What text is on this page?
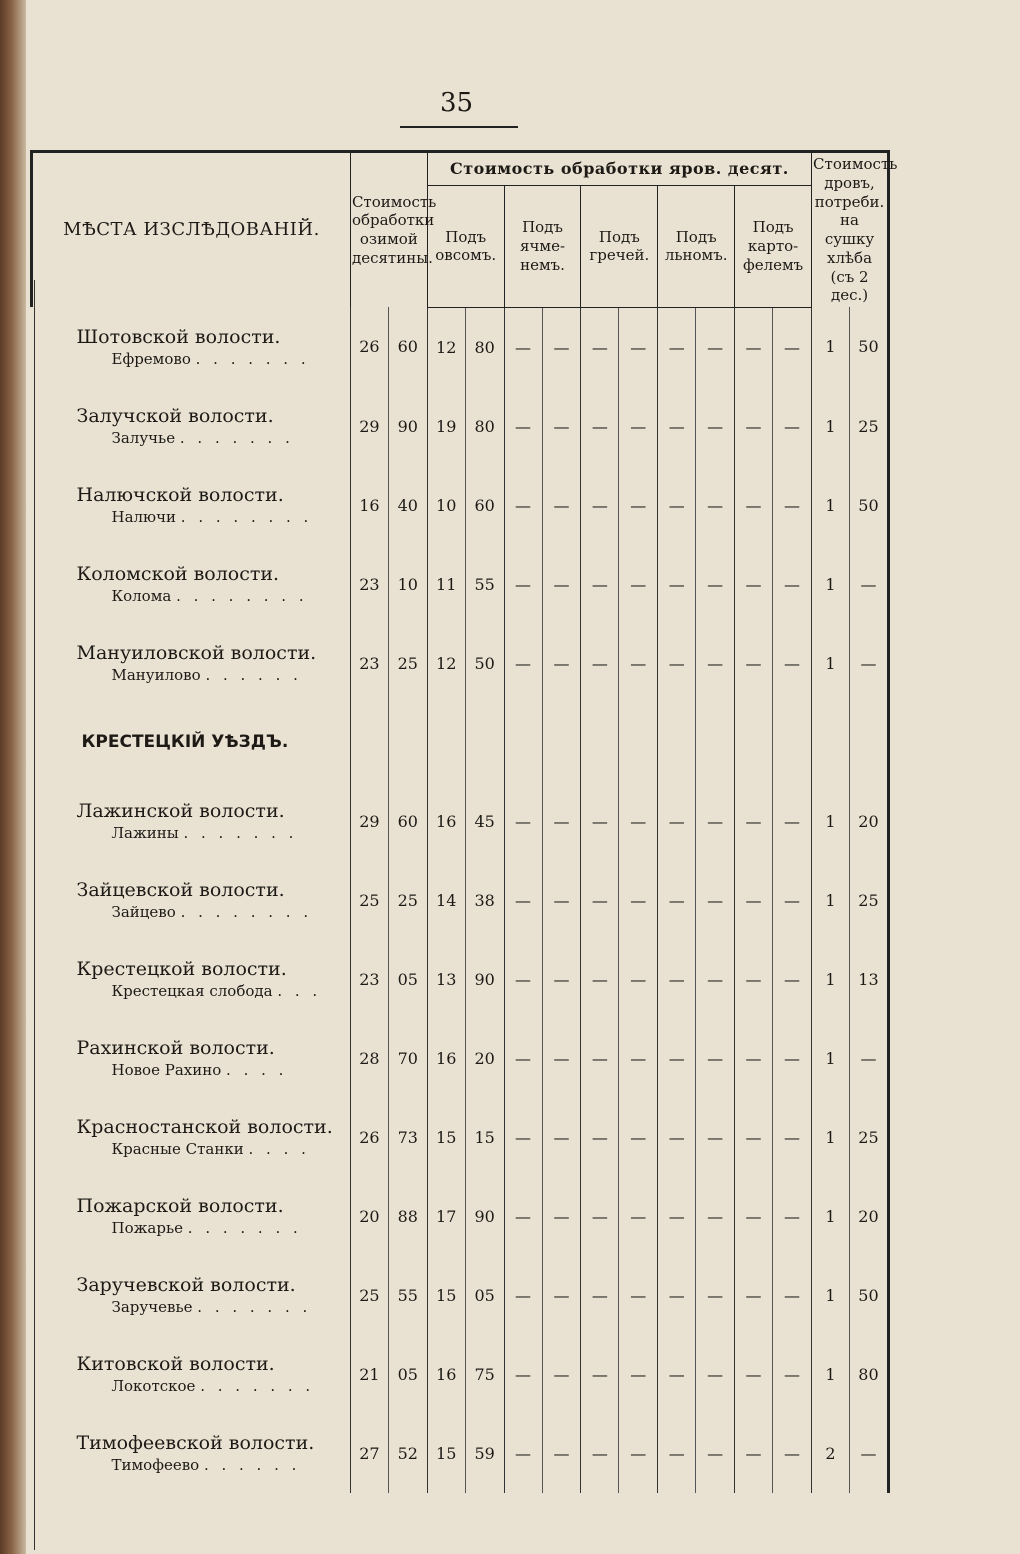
35
МѢСТА ИЗСЛѢДОВАНІЙ.	Стоимость обработки озимой десятины.		Стоимость обработки яров. десят.										Стоимость дровъ, потреби. на сушку хлѣба (съ 2 дес.)	
			Подъ овсомъ.		Подъ ячме-немъ.		Подъ гречей.		Подъ льномъ.		Подъ карто-фелемъ			

Шотовской волости.
Ефремово . . . . . . .	26	60	12	80	—	—	—	—	—	—	—	—	1	50

Залучской волости.
Залучье . . . . . . .	29	90	19	80	—	—	—	—	—	—	—	—	1	25

Налючской волости.
Налючи . . . . . . . .	16	40	10	60	—	—	—	—	—	—	—	—	1	50

Коломской волости.
Колома . . . . . . . .	23	10	11	55	—	—	—	—	—	—	—	—	1	—

Мануиловской волости.
Мануилово . . . . . .	23	25	12	50	—	—	—	—	—	—	—	—	1	—
КРЕСТЕЦКІЙ УѢЗДЪ.														

Лажинской волости.
Лажины . . . . . . .	29	60	16	45	—	—	—	—	—	—	—	—	1	20

Зайцевской волости.
Зайцево . . . . . . . .	25	25	14	38	—	—	—	—	—	—	—	—	1	25

Крестецкой волости.
Крестецкая слобода . . .	23	05	13	90	—	—	—	—	—	—	—	—	1	13

Рахинской волости.
Новое Рахино . . . .	28	70	16	20	—	—	—	—	—	—	—	—	1	—

Красностанской волости.
Красные Станки . . . .	26	73	15	15	—	—	—	—	—	—	—	—	1	25

Пожарской волости.
Пожарье . . . . . . .	20	88	17	90	—	—	—	—	—	—	—	—	1	20

Заручевской волости.
Заручевье . . . . . . .	25	55	15	05	—	—	—	—	—	—	—	—	1	50

Китовской волости.
Локотское . . . . . . .	21	05	16	75	—	—	—	—	—	—	—	—	1	80

Тимофеевской волости.
Тимофеево . . . . . .	27	52	15	59	—	—	—	—	—	—	—	—	2	—
